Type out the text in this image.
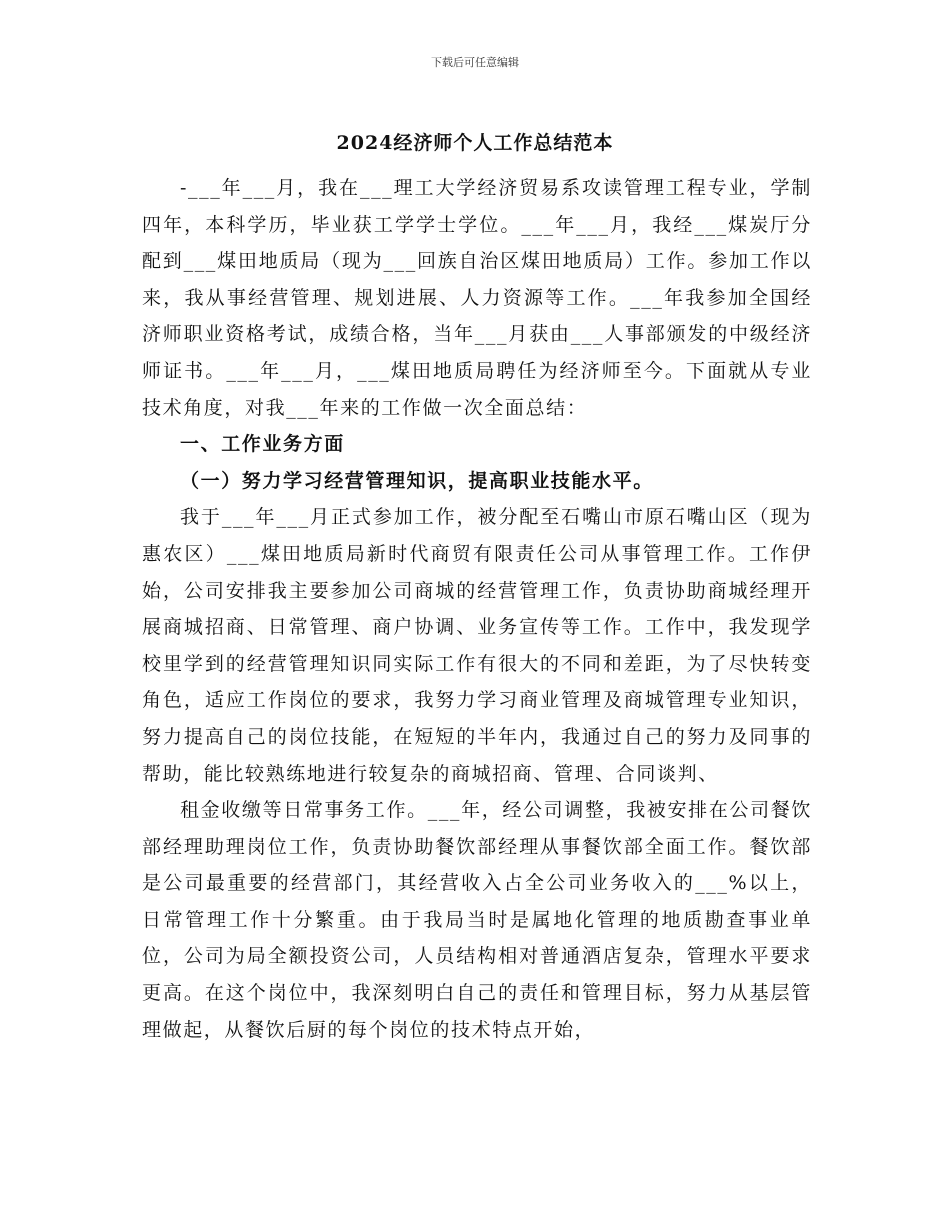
下载后可任意编辑
2024经济师个人工作总结范本

-___年___月，我在___理工大学经济贸易系攻读管理工程专业，学制四年，本科学历，毕业获工学学士学位。___年___月，我经___煤炭厅分配到___煤田地质局（现为___回族自治区煤田地质局）工作。参加工作以来，我从事经营管理、规划进展、人力资源等工作。___年我参加全国经济师职业资格考试，成绩合格，当年___月获由___人事部颁发的中级经济师证书。___年___月，___煤田地质局聘任为经济师至今。下面就从专业技术角度，对我___年来的工作做一次全面总结：

一、工作业务方面

（一）努力学习经营管理知识，提高职业技能水平。

我于___年___月正式参加工作，被分配至石嘴山市原石嘴山区（现为惠农区）___煤田地质局新时代商贸有限责任公司从事管理工作。工作伊始，公司安排我主要参加公司商城的经营管理工作，负责协助商城经理开展商城招商、日常管理、商户协调、业务宣传等工作。工作中，我发现学校里学到的经营管理知识同实际工作有很大的不同和差距，为了尽快转变角色，适应工作岗位的要求，我努力学习商业管理及商城管理专业知识，努力提高自己的岗位技能，在短短的半年内，我通过自己的努力及同事的帮助，能比较熟练地进行较复杂的商城招商、管理、合同谈判、

租金收缴等日常事务工作。___年，经公司调整，我被安排在公司餐饮部经理助理岗位工作，负责协助餐饮部经理从事餐饮部全面工作。餐饮部是公司最重要的经营部门，其经营收入占全公司业务收入的___%以上，日常管理工作十分繁重。由于我局当时是属地化管理的地质勘查事业单位，公司为局全额投资公司，人员结构相对普通酒店复杂，管理水平要求更高。在这个岗位中，我深刻明白自己的责任和管理目标，努力从基层管理做起，从餐饮后厨的每个岗位的技术特点开始，
